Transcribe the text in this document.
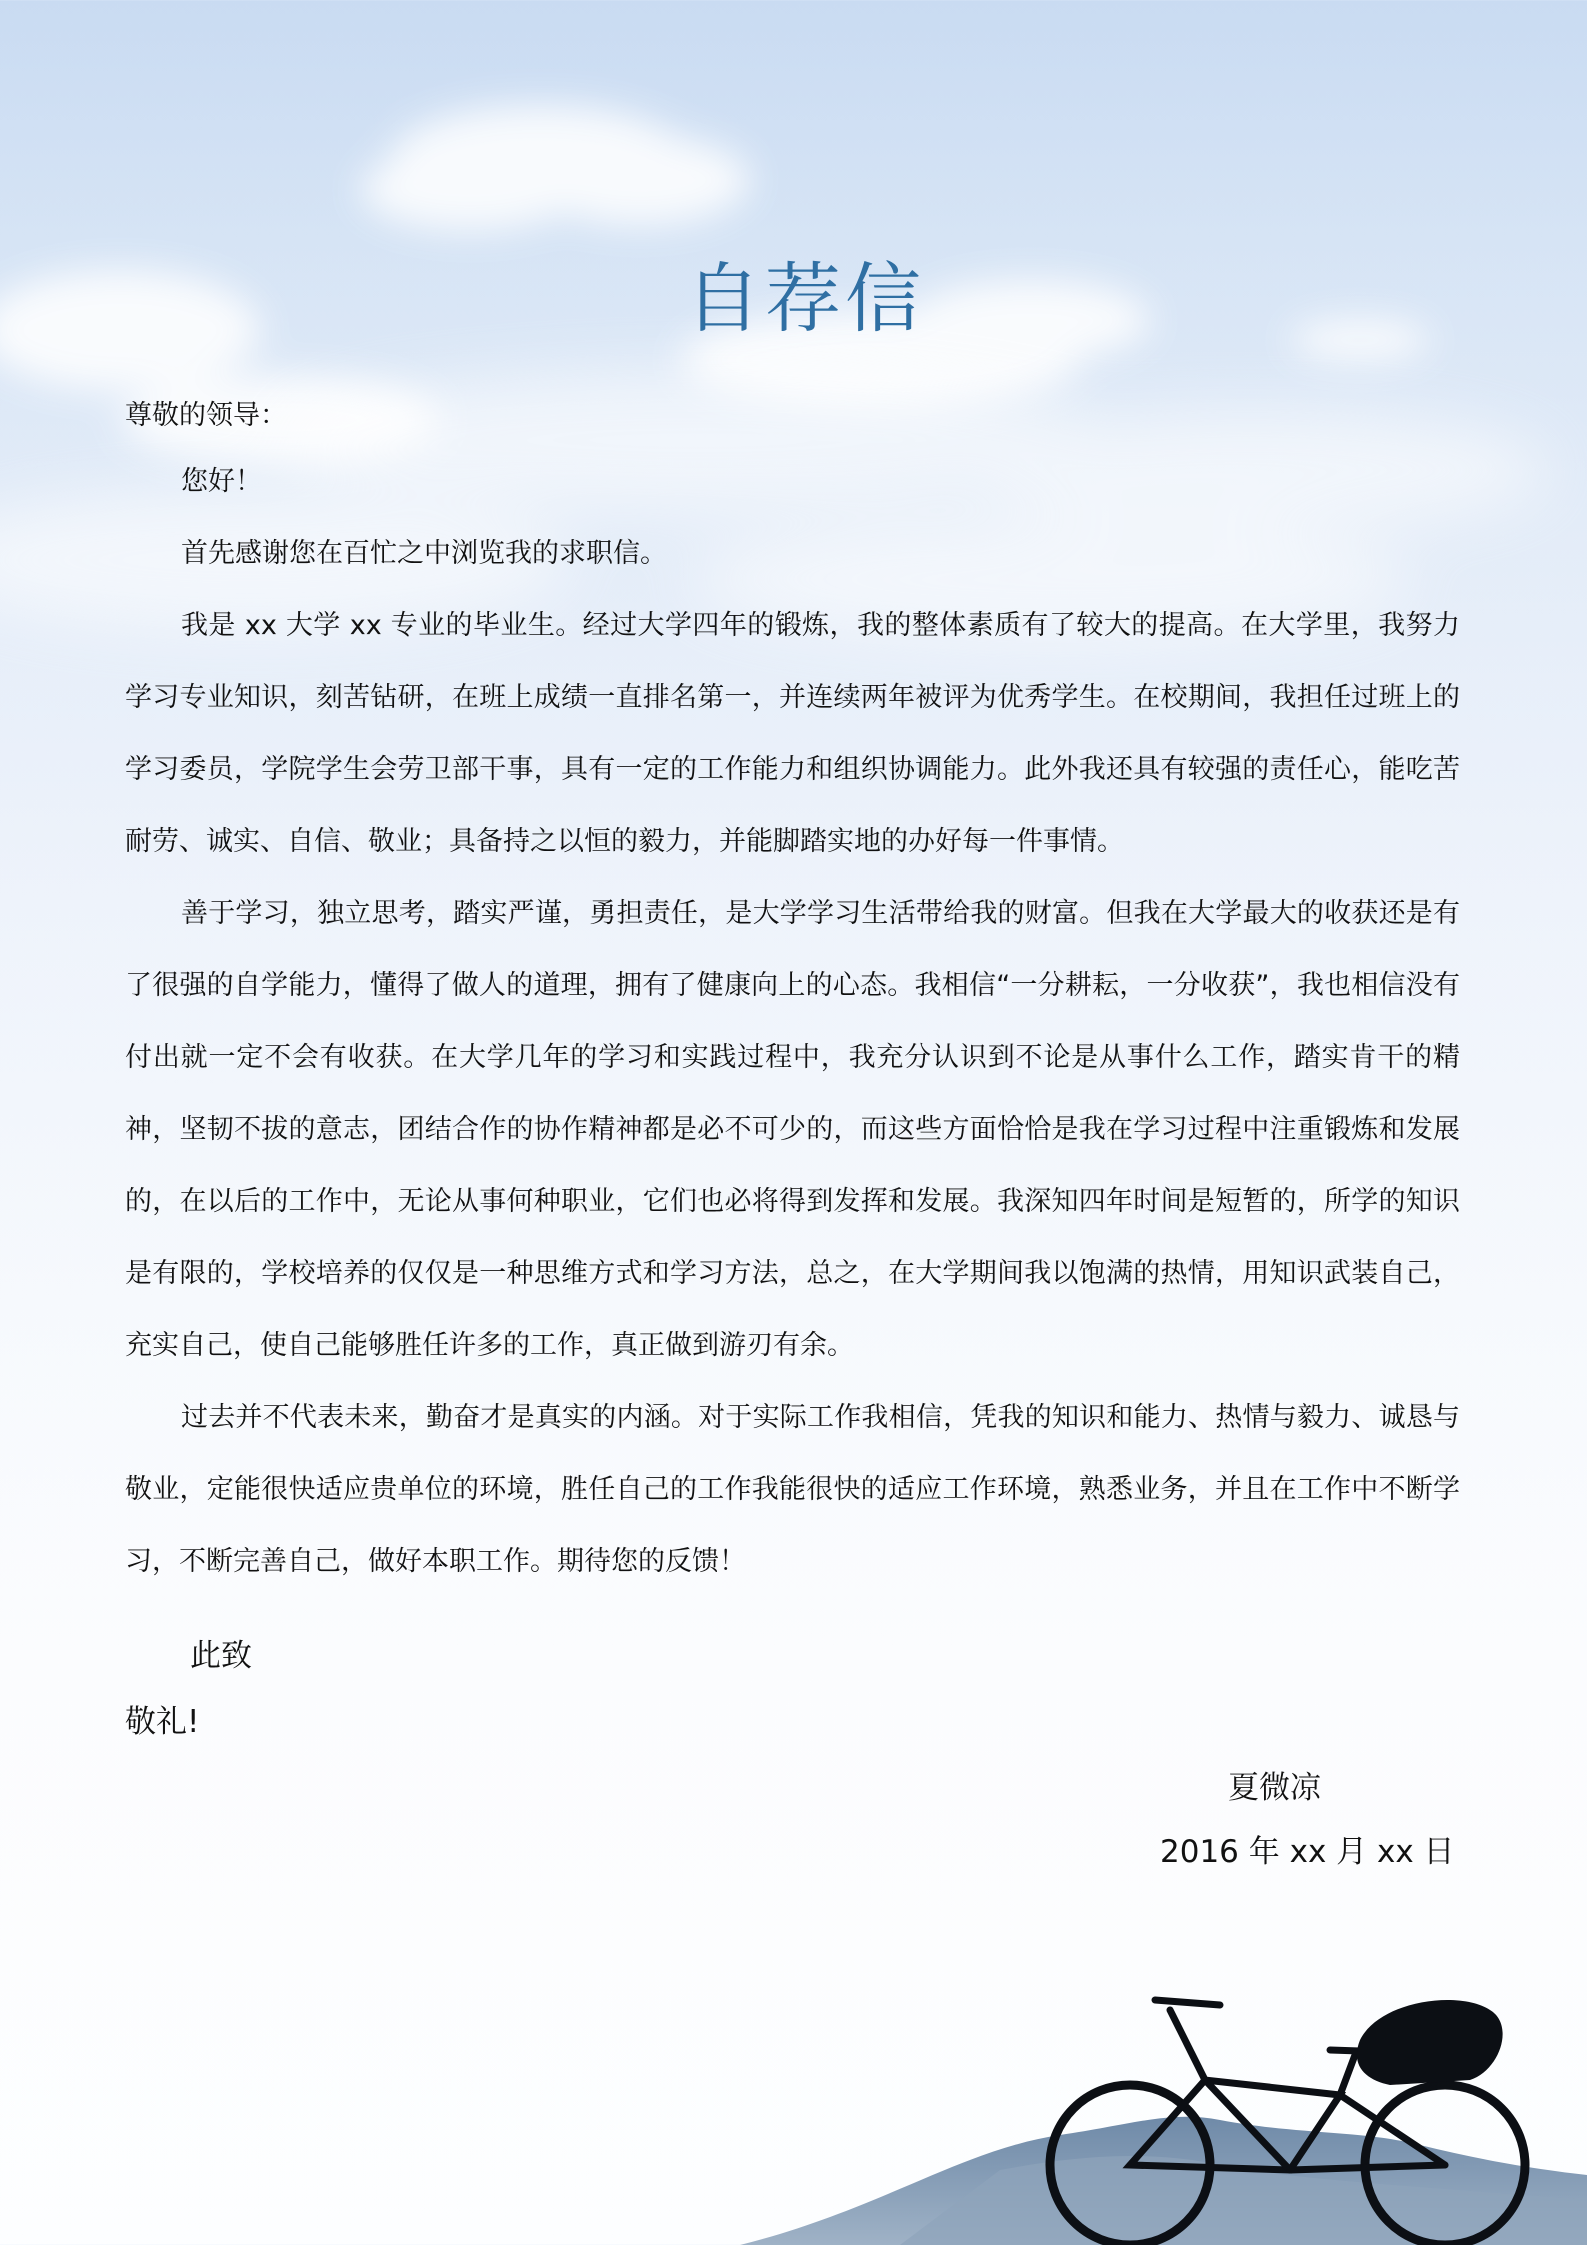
自荐信

尊敬的领导：

您好！

首先感谢您在百忙之中浏览我的求职信。

我是 xx 大学 xx 专业的毕业生。经过大学四年的锻炼，我的整体素质有了较大的提高。在大学里，我努力学习专业知识，刻苦钻研，在班上成绩一直排名第一，并连续两年被评为优秀学生。在校期间，我担任过班上的学习委员，学院学生会劳卫部干事，具有一定的工作能力和组织协调能力。此外我还具有较强的责任心，能吃苦耐劳、诚实、自信、敬业；具备持之以恒的毅力，并能脚踏实地的办好每一件事情。

善于学习，独立思考，踏实严谨，勇担责任，是大学学习生活带给我的财富。但我在大学最大的收获还是有了很强的自学能力，懂得了做人的道理，拥有了健康向上的心态。我相信“一分耕耘，一分收获”，我也相信没有付出就一定不会有收获。在大学几年的学习和实践过程中，我充分认识到不论是从事什么工作，踏实肯干的精神，坚韧不拔的意志，团结合作的协作精神都是必不可少的，而这些方面恰恰是我在学习过程中注重锻炼和发展的，在以后的工作中，无论从事何种职业，它们也必将得到发挥和发展。我深知四年时间是短暂的，所学的知识是有限的，学校培养的仅仅是一种思维方式和学习方法，总之，在大学期间我以饱满的热情，用知识武装自己，充实自己，使自己能够胜任许多的工作，真正做到游刃有余。

过去并不代表未来，勤奋才是真实的内涵。对于实际工作我相信，凭我的知识和能力、热情与毅力、诚恳与敬业，定能很快适应贵单位的环境，胜任自己的工作我能很快的适应工作环境，熟悉业务，并且在工作中不断学习，不断完善自己，做好本职工作。期待您的反馈！

此致
敬礼!
夏微凉
2016 年 xx 月 xx 日
